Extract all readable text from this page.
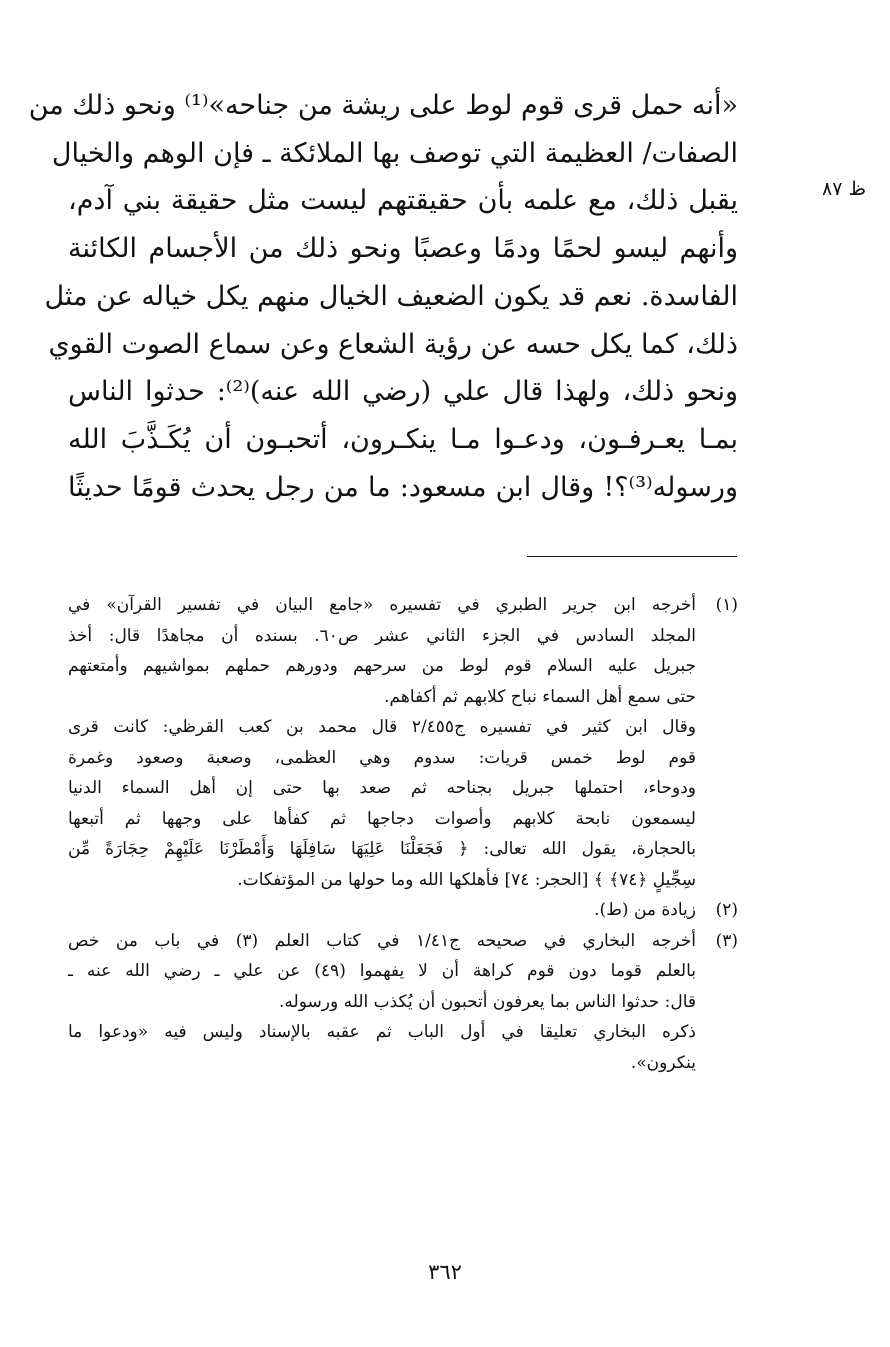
ظ ٨٧
«أنه حمل قرى قوم لوط على ريشة من جناحه»⁽¹⁾ ونحو ذلك من
الصفات/ العظيمة التي توصف بها الملائكة ـ فإن الوهم والخيال
يقبل ذلك، مع علمه بأن حقيقتهم ليست مثل حقيقة بني آدم،
وأنهم ليسو لحمًا ودمًا وعصبًا ونحو ذلك من الأجسام الكائنة
الفاسدة. نعم قد يكون الضعيف الخيال منهم يكل خياله عن مثل
ذلك، كما يكل حسه عن رؤية الشعاع وعن سماع الصوت القوي
ونحو ذلك، ولهذا قال علي (رضي الله عنه)⁽²⁾: حدثوا الناس
بمـا يعـرفـون، ودعـوا مـا ينكـرون، أتحبـون أن يُكَـذَّبَ الله
ورسوله⁽³⁾؟! وقال ابن مسعود: ما من رجل يحدث قومًا حديثًا
(١)
أخرجه ابن جرير الطبري في تفسيره «جامع البيان في تفسير القرآن» في
المجلد السادس في الجزء الثاني عشر ص٦٠. بسنده أن مجاهدًا قال: أخذ
جبريل عليه السلام قوم لوط من سرحهم ودورهم حملهم بمواشيهم وأمتعتهم
حتى سمع أهل السماء نباح كلابهم ثم أكفاهم.
وقال ابن كثير في تفسيره ج٢/٤٥٥ قال محمد بن كعب القرظي: كانت قرى
قوم لوط خمس قريات: سدوم وهي العظمى، وصعبة وصعود وغمرة
ودوحاء، احتملها جبريل بجناحه ثم صعد بها حتى إن أهل السماء الدنيا
ليسمعون نابحة كلابهم وأصوات دجاجها ثم كفأها على وجهها ثم أتبعها
بالحجارة، يقول الله تعالى: ﴿ فَجَعَلْنَا عَلِيَهَا سَافِلَهَا وَأَمْطَرْنَا عَلَيْهِمْ حِجَارَةً مِّن
سِجِّيلٍ ﴿٧٤﴾ ﴾ [الحجر: ٧٤] فأهلكها الله وما حولها من المؤتفكات.
(٢)
زيادة من (ط).
(٣)
أخرجه البخاري في صحيحه ج١/٤١ في كتاب العلم (٣) في باب من خص
بالعلم قوما دون قوم كراهة أن لا يفهموا (٤٩) عن علي ـ رضي الله عنه ـ
قال: حدثوا الناس بما يعرفون أتحبون أن يُكذب الله ورسوله.
ذكره البخاري تعليقا في أول الباب ثم عقبه بالإسناد وليس فيه «ودعوا ما
ينكرون».
٣٦٢
